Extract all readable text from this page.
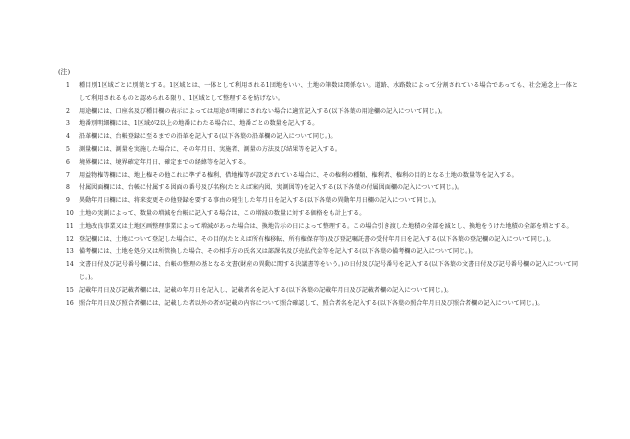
(注)
1	種目別1区域ごとに別葉とする。1区域とは、一体として利用される1団地をいい、土地の筆数は関係ない。道路、水路数によって分割されている場合であっても、社会通念上一体として利用されるものと認められる限り、1区域として整理するを妨げない。
2	用途欄には、口座名及び種目欄の表示によっては用途が明確にされない場合に適宜記入する(以下各葉の用途欄の記入について同じ。)。
3	地番別明細欄には、1区域が2以上の地番にわたる場合に、地番ごとの数量を記入する。
4	沿革欄には、台帳登録に至るまでの沿革を記入する(以下各葉の沿革欄の記入について同じ。)。
5	測量欄には、測量を実施した場合に、その年月日、実施者、測量の方法及び結果等を記入する。
6	境界欄には、境界確定年月日、確定までの経緯等を記入する。
7	用益物権等欄には、地上権その他これに準ずる権利、借地権等が設定されている場合に、その権利の種類、権利者、権利の目的となる土地の数量等を記入する。
8	付属図面欄には、台帳に付属する図面の番号及び名称(たとえば案内図、実測図等)を記入する(以下各葉の付属図面欄の記入について同じ。)。
9	異動年月日欄には、将来変更その他登録を要する事由の発生した年月日を記入する(以下各葉の異動年月日欄の記入について同じ。)。
10 土地の実測によって、数量の増減を台帳に記入する場合は、この増減の数量に対する価格をも計上する。
11 土地改良事業又は土地区画整理事業によって増減があった場合は、換地告示の日によって整理する。この場合引き渡した地積の全部を減とし、換地をうけた地積の全部を増とする。
12 登記欄には、土地について登記した場合に、その目的(たとえば所有権移転、所有権保存等)及び登記嘱託書の受付年月日を記入する(以下各葉の登記欄の記入について同じ。)。
13 備考欄には、土地を処分又は所管換した場合、その相手方の氏名又は部課名及び売払代金等を記入する(以下各葉の備考欄の記入について同じ。)。
14 文書日付及び記号番号欄には、台帳の整理の基となる文書(財産の異動に関する決議書等をいう。)の日付及び記号番号を記入する(以下各葉の文書日付及び記号番号欄の記入について同じ。)。
15 記載年月日及び記載者欄には、記載の年月日を記入し、記載者名を記入する(以下各葉の記載年月日及び記載者欄の記入について同じ。)。
16 照合年月日及び照合者欄には、記載した者以外の者が記載の内容について照合確認して、照合者名を記入する(以下各葉の照合年月日及び照合者欄の記入について同じ。)。
